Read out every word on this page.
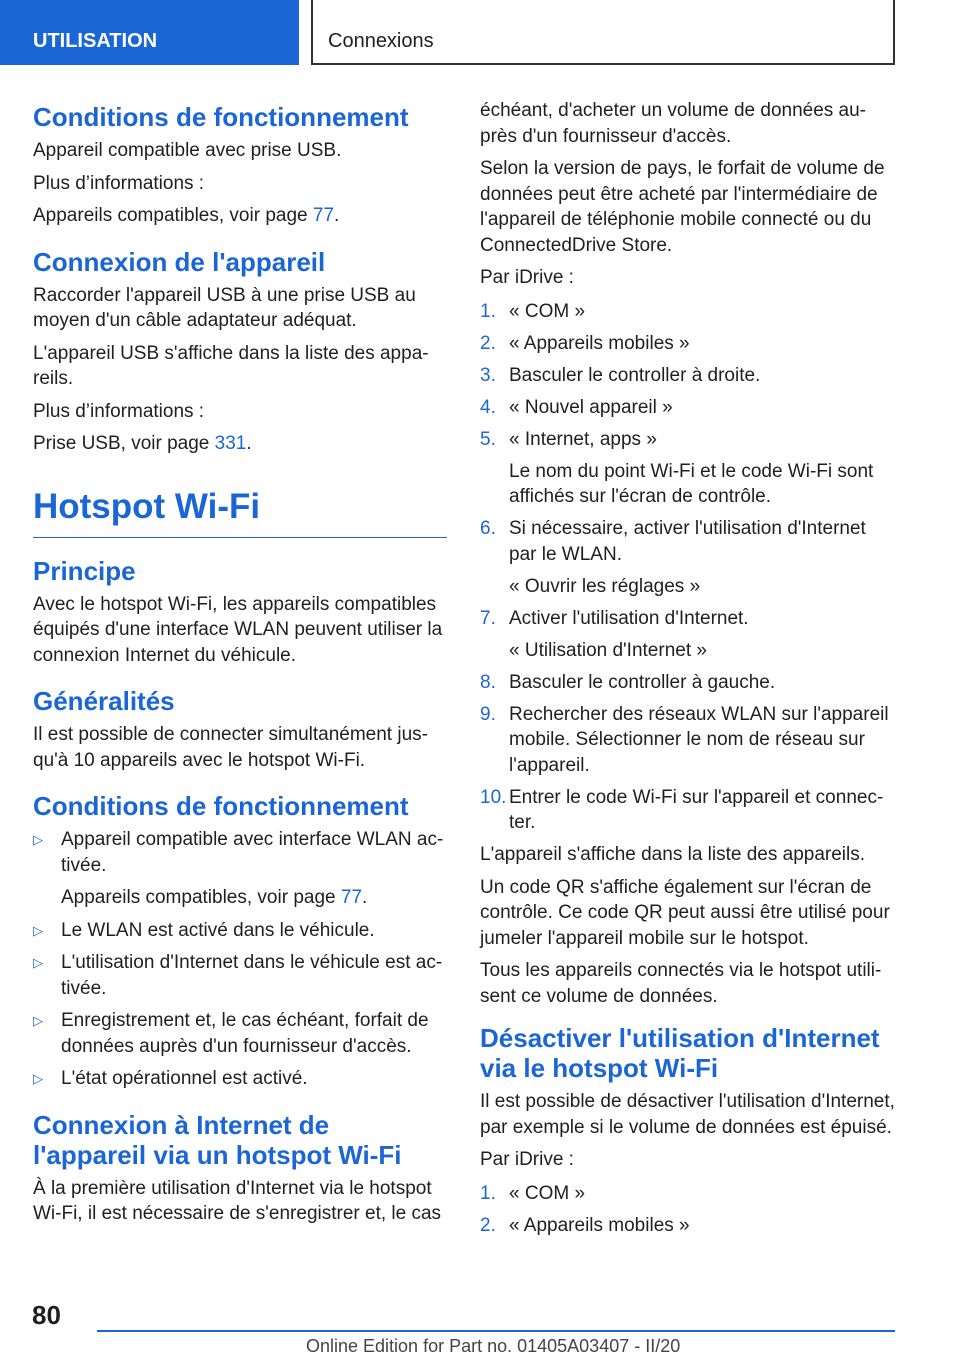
UTILISATION	Connexions
Conditions de fonctionnement

Appareil compatible avec prise USB.

Plus d’informations :

Appareils compatibles, voir page 77.

Connexion de l'appareil

Raccorder l'appareil USB à une prise USB au moyen d'un câble adaptateur adéquat.

L'appareil USB s'affiche dans la liste des appa-reils.

Plus d’informations :

Prise USB, voir page 331.

Hotspot Wi-Fi
Principe

Avec le hotspot Wi-Fi, les appareils compatibles équipés d'une interface WLAN peuvent utiliser la connexion Internet du véhicule.

Généralités

Il est possible de connecter simultanément jus-qu'à 10 appareils avec le hotspot Wi-Fi.

Conditions de fonctionnement
▷ Appareil compatible avec interface WLAN ac-tivée.
Appareils compatibles, voir page 77.
▷ Le WLAN est activé dans le véhicule.
▷ L'utilisation d'Internet dans le véhicule est ac-tivée.
▷ Enregistrement et, le cas échéant, forfait de données auprès d'un fournisseur d'accès.
▷ L'état opérationnel est activé.
Connexion à Internet de l'appareil via un hotspot Wi-Fi

À la première utilisation d'Internet via le hotspot Wi-Fi, il est nécessaire de s'enregistrer et, le cas

échéant, d'acheter un volume de données au-près d'un fournisseur d'accès.

Selon la version de pays, le forfait de volume de données peut être acheté par l'intermédiaire de l'appareil de téléphonie mobile connecté ou du ConnectedDrive Store.

Par iDrive :

1. « COM »
2. « Appareils mobiles »
3. Basculer le controller à droite.
4. « Nouvel appareil »
5. « Internet, apps »
Le nom du point Wi-Fi et le code Wi-Fi sont affichés sur l'écran de contrôle.
6. Si nécessaire, activer l'utilisation d'Internet par le WLAN.
« Ouvrir les réglages »
7. Activer l'utilisation d'Internet.
« Utilisation d'Internet »
8. Basculer le controller à gauche.
9. Rechercher des réseaux WLAN sur l'appareil mobile. Sélectionner le nom de réseau sur l'appareil.
10. Entrer le code Wi-Fi sur l'appareil et connec-ter.

L'appareil s'affiche dans la liste des appareils.

Un code QR s'affiche également sur l'écran de contrôle. Ce code QR peut aussi être utilisé pour jumeler l'appareil mobile sur le hotspot.

Tous les appareils connectés via le hotspot utili-sent ce volume de données.

Désactiver l'utilisation d'Internet via le hotspot Wi-Fi

Il est possible de désactiver l'utilisation d'Internet, par exemple si le volume de données est épuisé.

Par iDrive :

1. « COM »
2. « Appareils mobiles »
80
Online Edition for Part no. 01405A03407 - II/20
